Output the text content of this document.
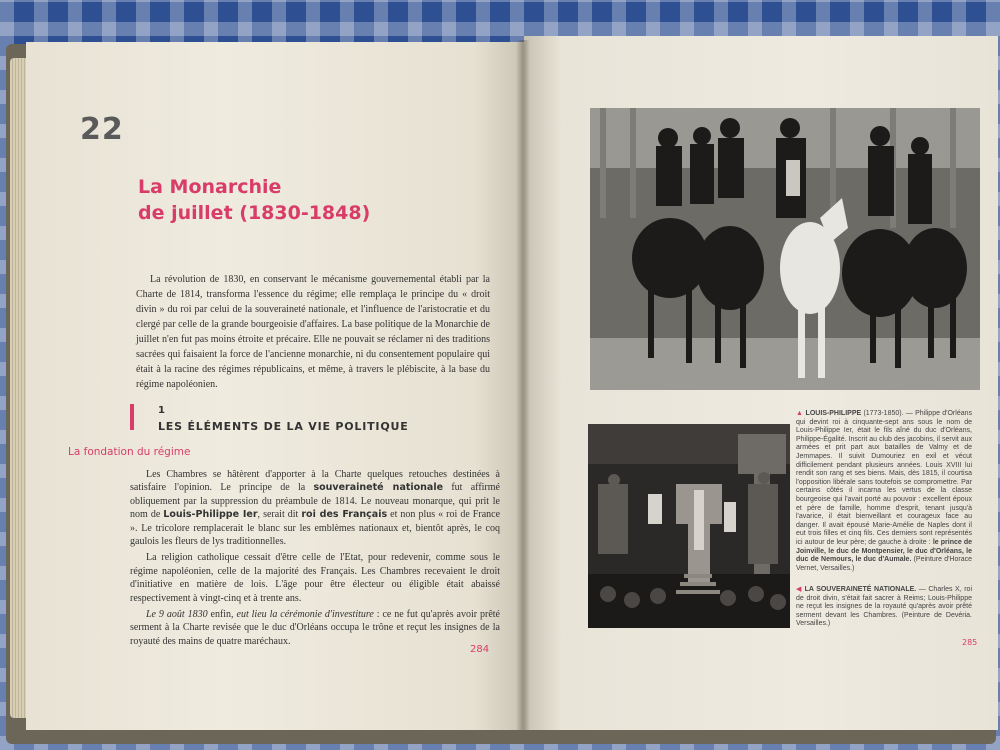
22
La Monarchie
de juillet (1830-1848)

La révolution de 1830, en conservant le mécanisme gouvernemental établi par la Charte de 1814, transforma l'essence du régime; elle remplaça le principe du « droit divin » du roi par celui de la souveraineté nationale, et l'influence de l'aristocratie et du clergé par celle de la grande bourgeoisie d'affaires. La base politique de la Monarchie de juillet n'en fut pas moins étroite et précaire. Elle ne pouvait se réclamer ni des traditions sacrées qui faisaient la force de l'ancienne monarchie, ni du consentement populaire qui était à la racine des régimes républicains, et même, à travers le plébiscite, à la base du régime napoléonien.

1
LES ÉLÉMENTS DE LA VIE POLITIQUE
La fondation du régime

Les Chambres se hâtèrent d'apporter à la Charte quelques retouches destinées à satisfaire l'opinion. Le principe de la souveraineté nationale fut affirmé obliquement par la suppression du préambule de 1814. Le nouveau monarque, qui prit le nom de Louis-Philippe Ier, serait dit roi des Français et non plus « roi de France ». Le tricolore remplacerait le blanc sur les emblèmes nationaux et, bientôt après, le coq gaulois les fleurs de lys traditionnelles.

La religion catholique cessait d'être celle de l'Etat, pour redevenir, comme sous le régime napoléonien, celle de la majorité des Français. Les Chambres recevaient le droit d'initiative en matière de lois. L'âge pour être électeur ou éligible était abaissé respectivement à vingt-cinq et à trente ans.

Le 9 août 1830 enfin, eut lieu la cérémonie d'investiture : ce ne fut qu'après avoir prêté serment à la Charte revisée que le duc d'Orléans occupa le trône et reçut les insignes de la royauté des mains de quatre maréchaux.

284
▲ LOUIS-PHILIPPE (1773-1850). — Philippe d'Orléans qui devint roi à cinquante-sept ans sous le nom de Louis-Philippe Ier, était le fils aîné du duc d'Orléans, Philippe-Égalité. Inscrit au club des jacobins, il servit aux armées et prit part aux batailles de Valmy et de Jemmapes. Il suivit Dumouriez en exil et vécut difficilement pendant plusieurs années. Louis XVIII lui rendit son rang et ses biens. Mais, dès 1815, il courtisa l'opposition libérale sans toutefois se compromettre. Par certains côtés il incarna les vertus de la classe bourgeoise qui l'avait porté au pouvoir : excellent époux et père de famille, homme d'esprit, tenant jusqu'à l'avarice, il était bienveillant et courageux face au danger. Il avait épousé Marie-Amélie de Naples dont il eut trois filles et cinq fils. Ces derniers sont représentés ici autour de leur père; de gauche à droite : le prince de Joinville, le duc de Montpensier, le duc d'Orléans, le duc de Nemours, le duc d'Aumale. (Peinture d'Horace Vernet, Versailles.)
◀ LA SOUVERAINETÉ NATIONALE. — Charles X, roi de droit divin, s'était fait sacrer à Reims; Louis-Philippe ne reçut les insignes de la royauté qu'après avoir prêté serment devant les Chambres. (Peinture de Devéria. Versailles.)
285
